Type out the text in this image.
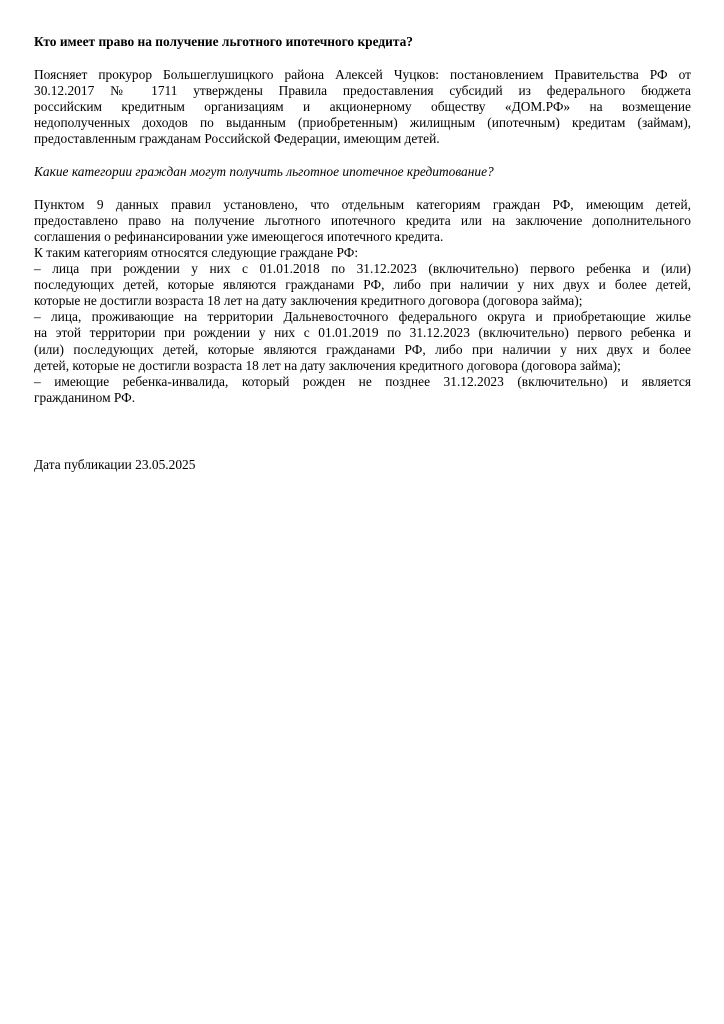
Кто имеет право на получение льготного ипотечного кредита?
Поясняет прокурор Большеглушицкого района Алексей Чуцков: постановлением Правительства РФ от
30.12.2017 № 1711 утверждены Правила предоставления субсидий из федерального бюджета
российским кредитным организациям и акционерному обществу «ДОМ.РФ» на возмещение
недополученных доходов по выданным (приобретенным) жилищным (ипотечным) кредитам (займам),
предоставленным гражданам Российской Федерации, имеющим детей.
Какие категории граждан могут получить льготное ипотечное кредитование?
Пунктом 9 данных правил установлено, что отдельным категориям граждан РФ, имеющим детей,
предоставлено право на получение льготного ипотечного кредита или на заключение дополнительного
соглашения о рефинансировании уже имеющегося ипотечного кредита.
К таким категориям относятся следующие граждане РФ:
– лица при рождении у них с 01.01.2018 по 31.12.2023 (включительно) первого ребенка и (или)
последующих детей, которые являются гражданами РФ, либо при наличии у них двух и более детей,
которые не достигли возраста 18 лет на дату заключения кредитного договора (договора займа);
– лица, проживающие на территории Дальневосточного федерального округа и приобретающие жилье
на этой территории при рождении у них с 01.01.2019 по 31.12.2023 (включительно) первого ребенка и
(или) последующих детей, которые являются гражданами РФ, либо при наличии у них двух и более
детей, которые не достигли возраста 18 лет на дату заключения кредитного договора (договора займа);
– имеющие ребенка-инвалида, который рожден не позднее 31.12.2023 (включительно) и является
гражданином РФ.
Дата публикации 23.05.2025
